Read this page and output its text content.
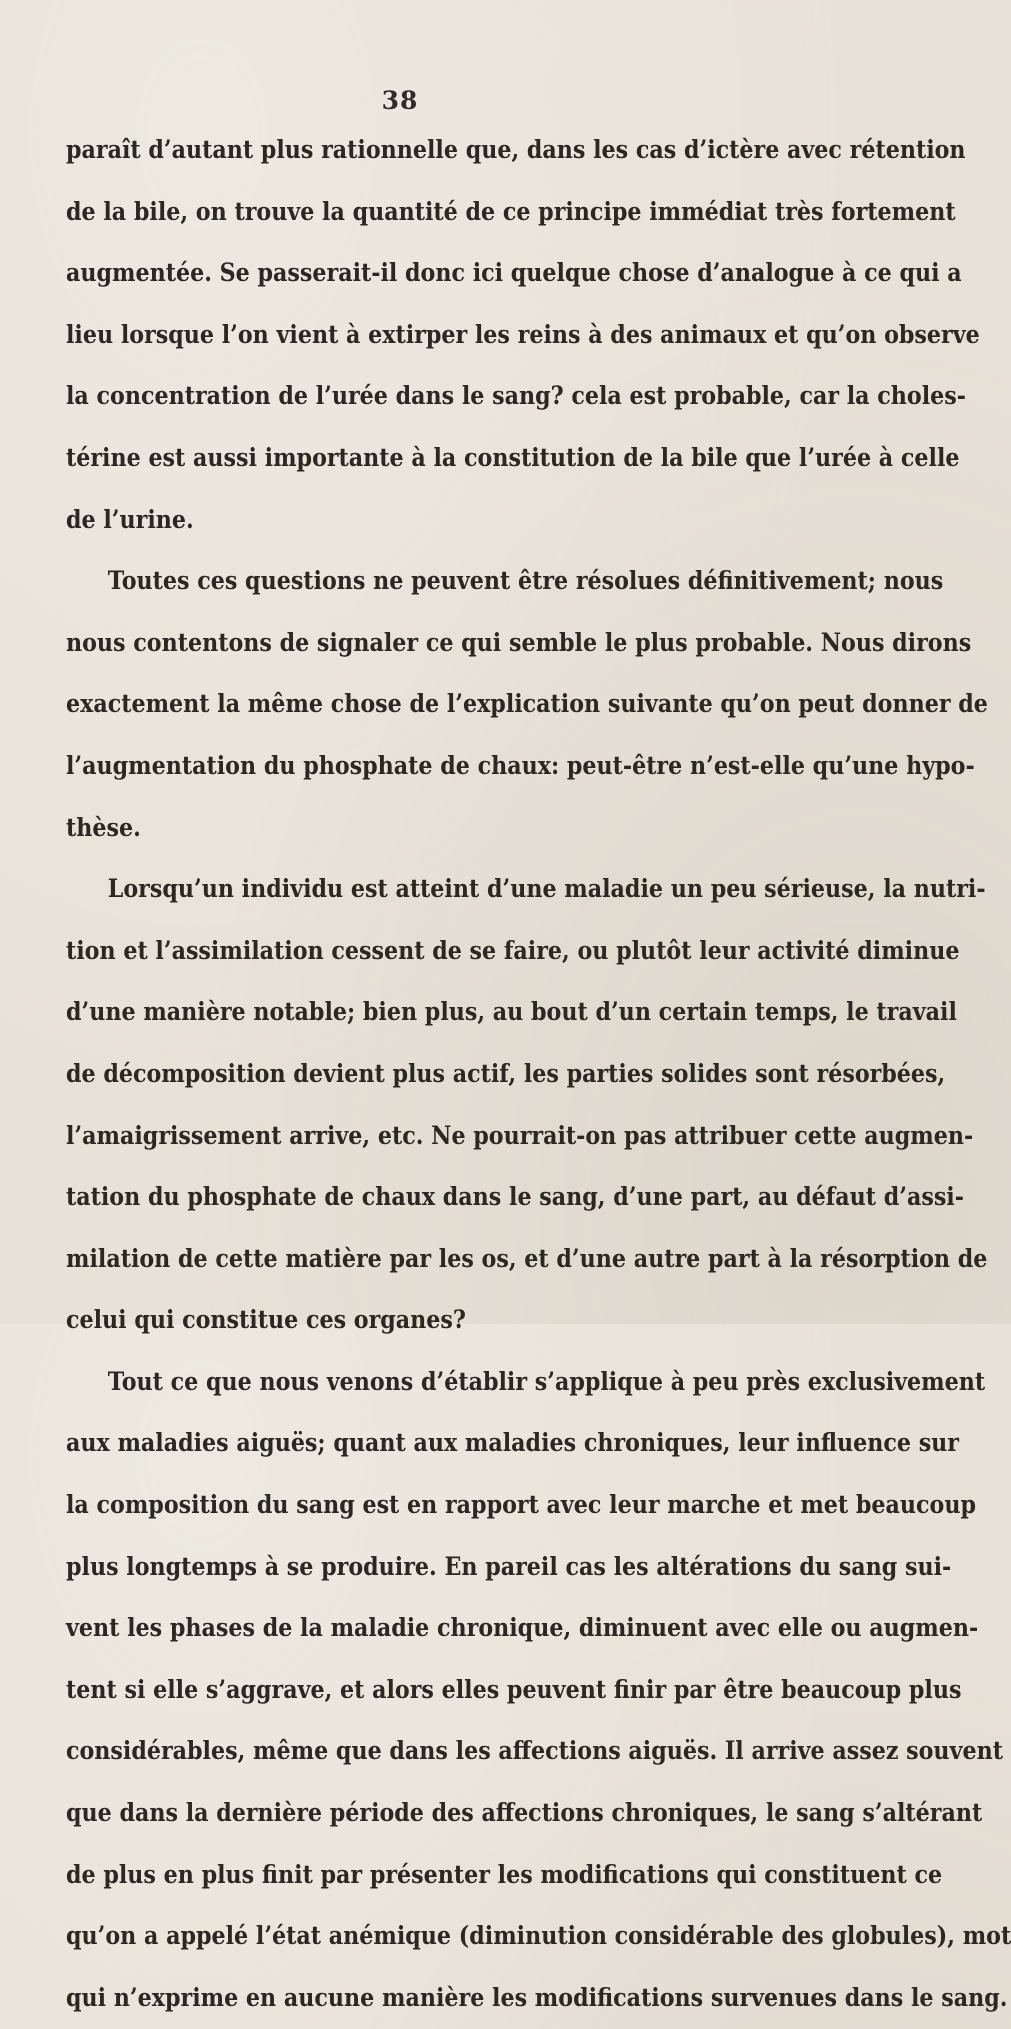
38
paraît d’autant plus rationnelle que, dans les cas d’ictère avec rétention
de la bile, on trouve la quantité de ce principe immédiat très fortement
augmentée. Se passerait-il donc ici quelque chose d’analogue à ce qui a
lieu lorsque l’on vient à extirper les reins à des animaux et qu’on observe
la concentration de l’urée dans le sang? cela est probable, car la choles-
térine est aussi importante à la constitution de la bile que l’urée à celle
de l’urine.
Toutes ces questions ne peuvent être résolues définitivement; nous
nous contentons de signaler ce qui semble le plus probable. Nous dirons
exactement la même chose de l’explication suivante qu’on peut donner de
l’augmentation du phosphate de chaux: peut-être n’est-elle qu’une hypo-
thèse.
Lorsqu’un individu est atteint d’une maladie un peu sérieuse, la nutri-
tion et l’assimilation cessent de se faire, ou plutôt leur activité diminue
d’une manière notable; bien plus, au bout d’un certain temps, le travail
de décomposition devient plus actif, les parties solides sont résorbées,
l’amaigrissement arrive, etc. Ne pourrait-on pas attribuer cette augmen-
tation du phosphate de chaux dans le sang, d’une part, au défaut d’assi-
milation de cette matière par les os, et d’une autre part à la résorption de
celui qui constitue ces organes?
Tout ce que nous venons d’établir s’applique à peu près exclusivement
aux maladies aiguës; quant aux maladies chroniques, leur influence sur
la composition du sang est en rapport avec leur marche et met beaucoup
plus longtemps à se produire. En pareil cas les altérations du sang sui-
vent les phases de la maladie chronique, diminuent avec elle ou augmen-
tent si elle s’aggrave, et alors elles peuvent finir par être beaucoup plus
considérables, même que dans les affections aiguës. Il arrive assez souvent
que dans la dernière période des affections chroniques, le sang s’altérant
de plus en plus finit par présenter les modifications qui constituent ce
qu’on a appelé l’état anémique (diminution considérable des globules), mot
qui n’exprime en aucune manière les modifications survenues dans le sang.
